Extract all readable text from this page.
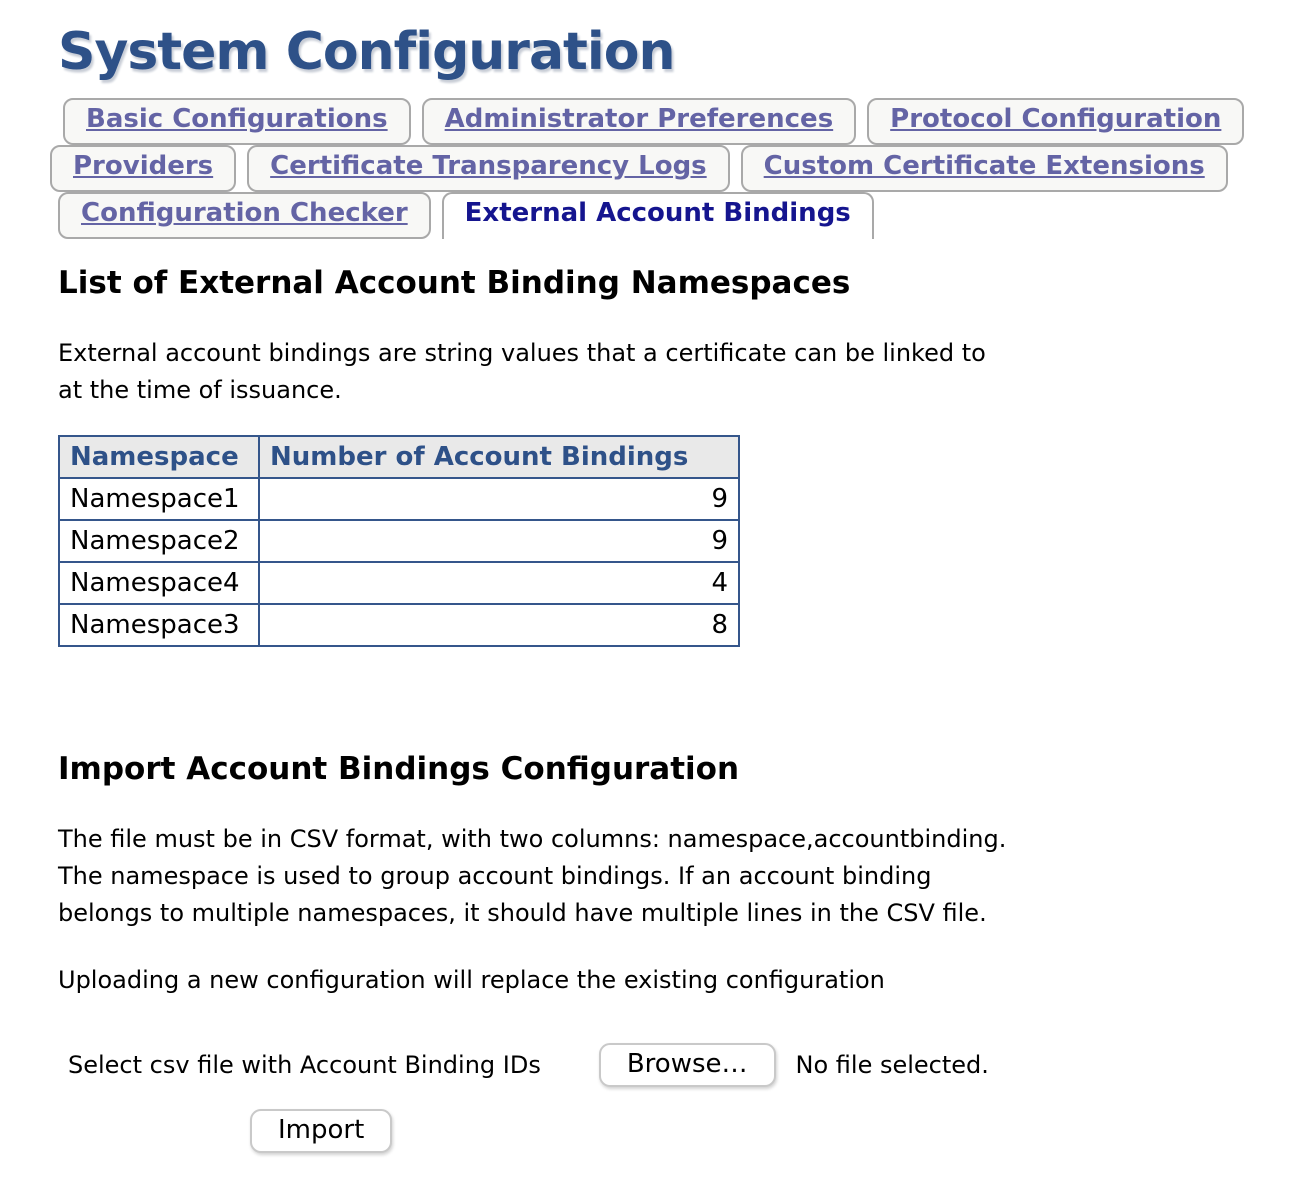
System Configuration
Basic Configurations	Administrator Preferences	Protocol Configuration
Providers	Certificate Transparency Logs	Custom Certificate Extensions
Configuration Checker	External Account Bindings
List of External Account Binding Namespaces

External account bindings are string values that a certificate can be linked to
at the time of issuance.

Namespace	Number of Account Bindings
Namespace1	9
Namespace2	9
Namespace4	4
Namespace3	8
Import Account Bindings Configuration

The file must be in CSV format, with two columns: namespace,accountbinding.
The namespace is used to group account bindings. If an account binding
belongs to multiple namespaces, it should have multiple lines in the CSV file.

Uploading a new configuration will replace the existing configuration

Select csv file with Account Binding IDs	Browse…	No file selected.
Import
